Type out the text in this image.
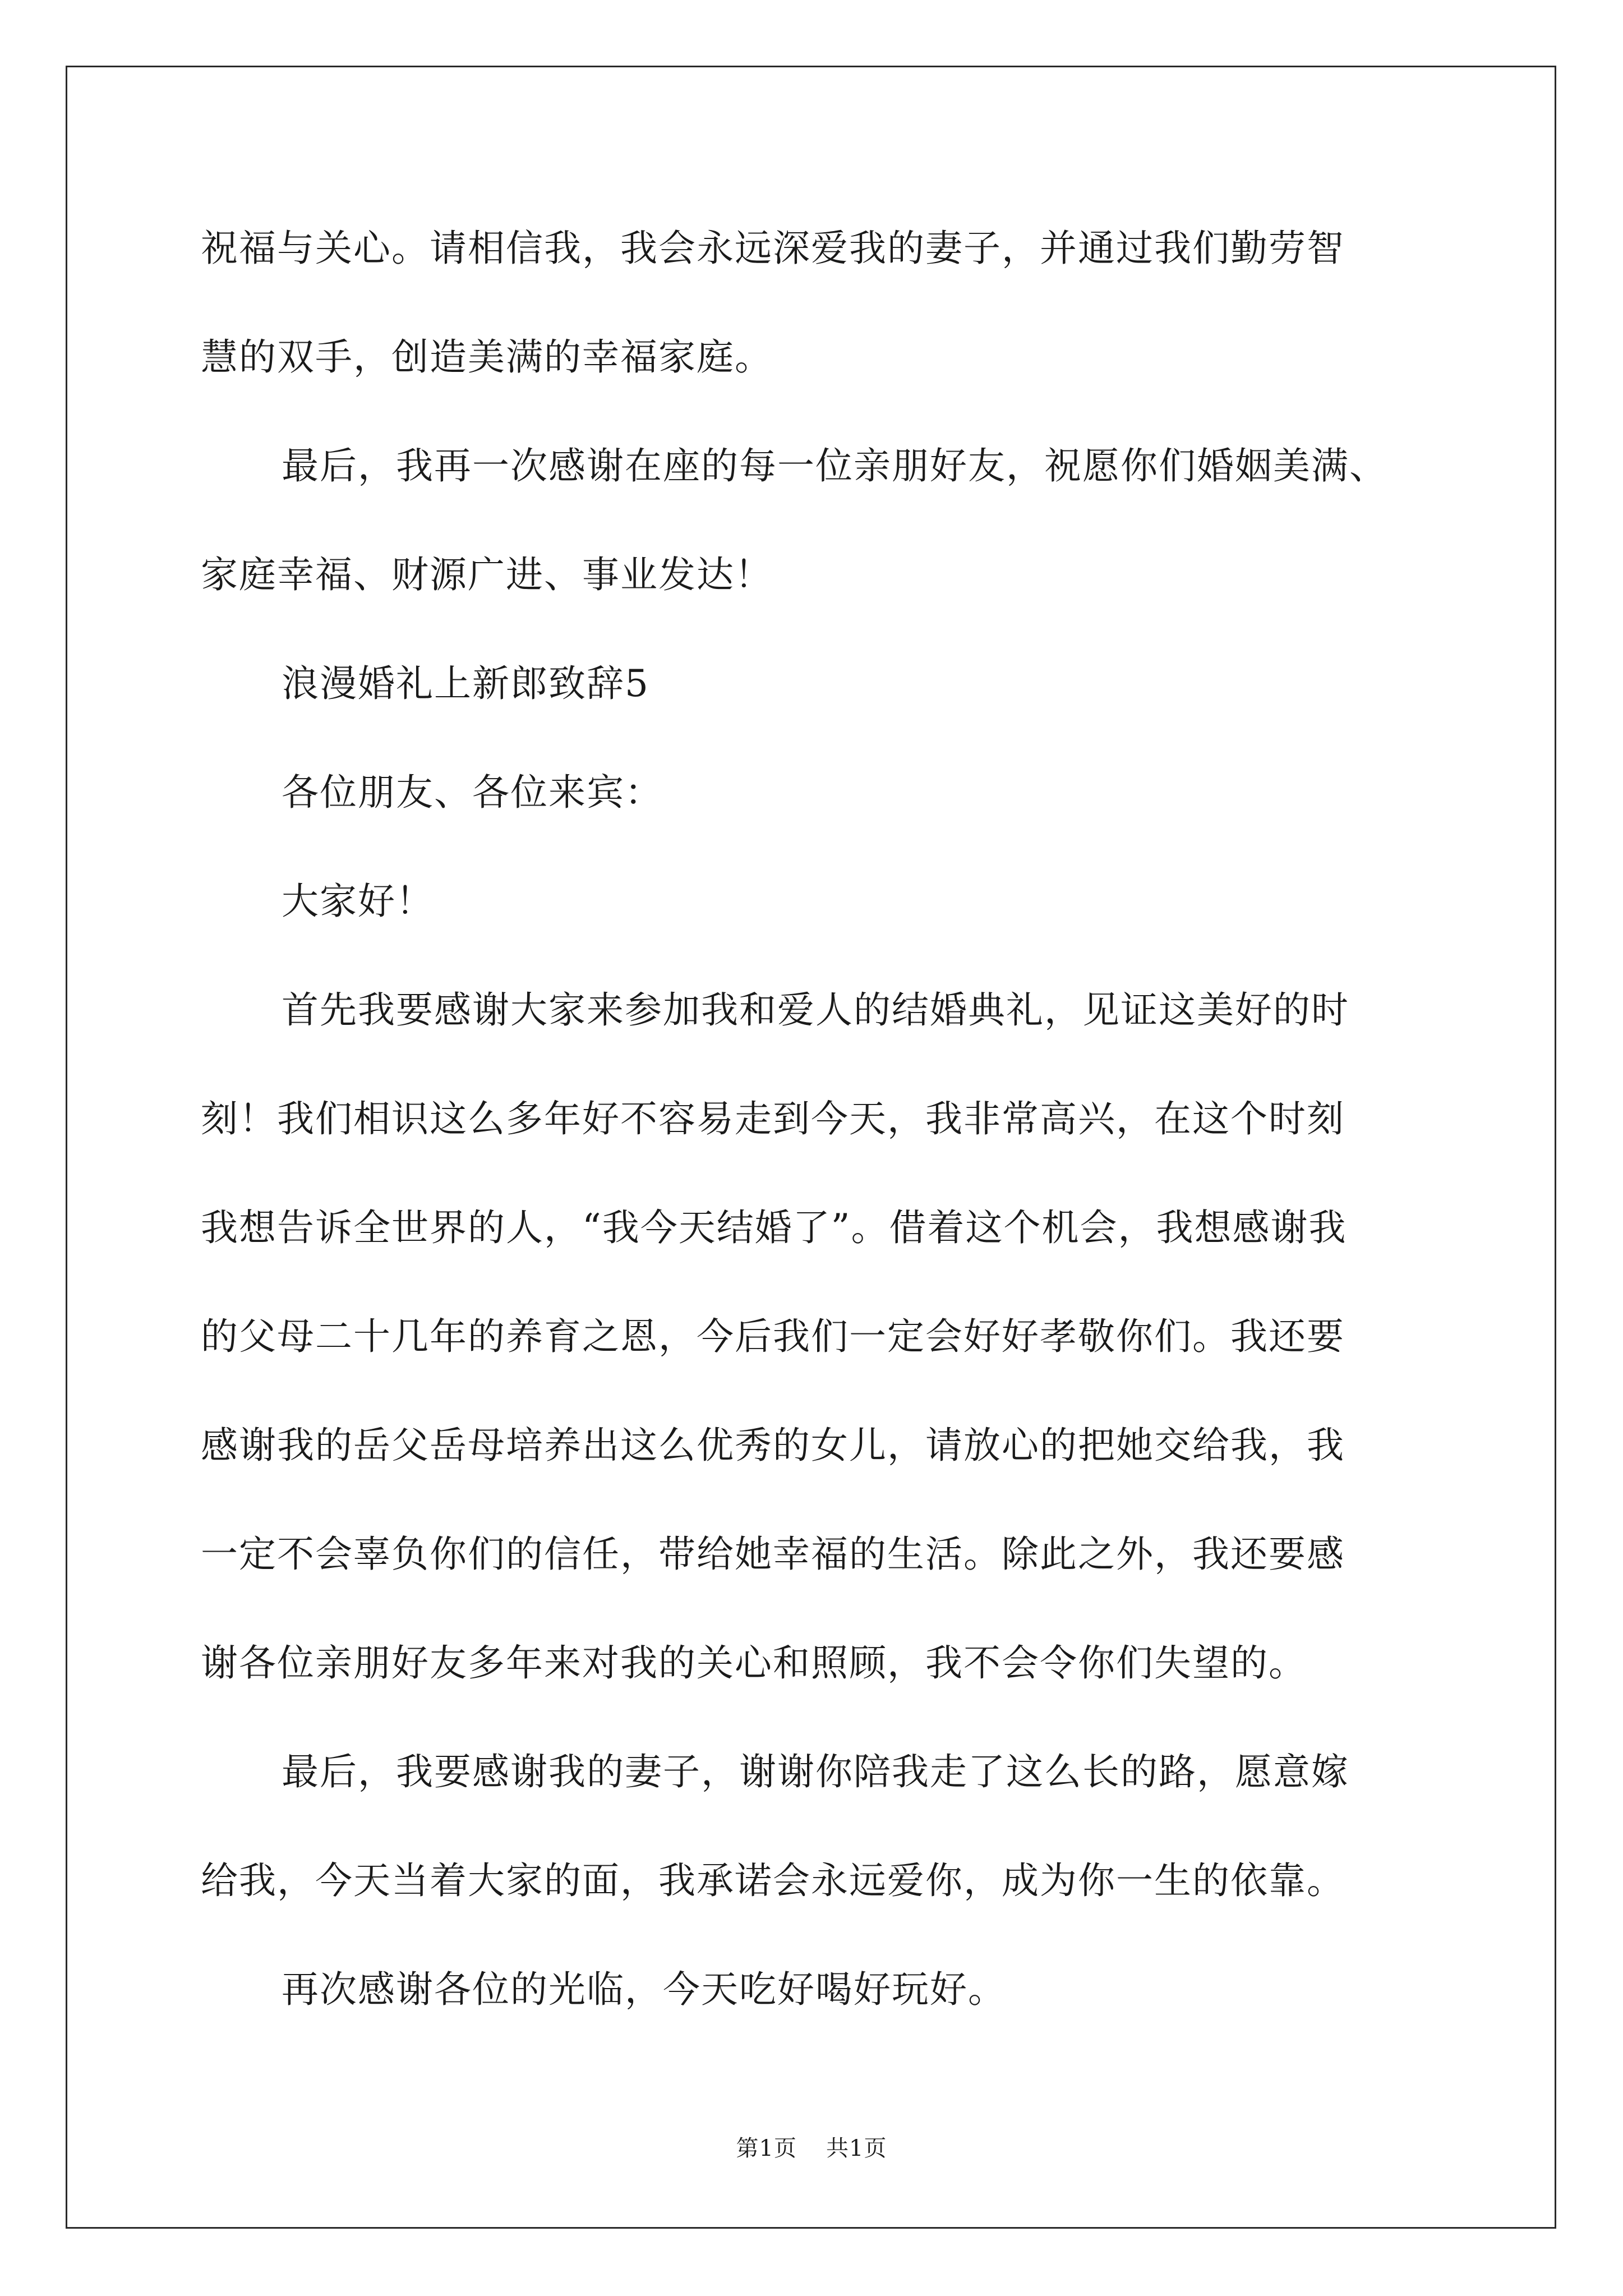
祝福与关心。请相信我，我会永远深爱我的妻子，并通过我们勤劳智
慧的双手，创造美满的幸福家庭。
最后，我再一次感谢在座的每一位亲朋好友，祝愿你们婚姻美满、
家庭幸福、财源广进、事业发达！
浪漫婚礼上新郎致辞5
各位朋友、各位来宾：
大家好！
首先我要感谢大家来参加我和爱人的结婚典礼，见证这美好的时
刻！我们相识这么多年好不容易走到今天，我非常高兴，在这个时刻
我想告诉全世界的人，“我今天结婚了”。借着这个机会，我想感谢我
的父母二十几年的养育之恩，今后我们一定会好好孝敬你们。我还要
感谢我的岳父岳母培养出这么优秀的女儿，请放心的把她交给我，我
一定不会辜负你们的信任，带给她幸福的生活。除此之外，我还要感
谢各位亲朋好友多年来对我的关心和照顾，我不会令你们失望的。
最后，我要感谢我的妻子，谢谢你陪我走了这么长的路，愿意嫁
给我，今天当着大家的面，我承诺会永远爱你，成为你一生的依靠。
再次感谢各位的光临，今天吃好喝好玩好。
第1页 共1页
